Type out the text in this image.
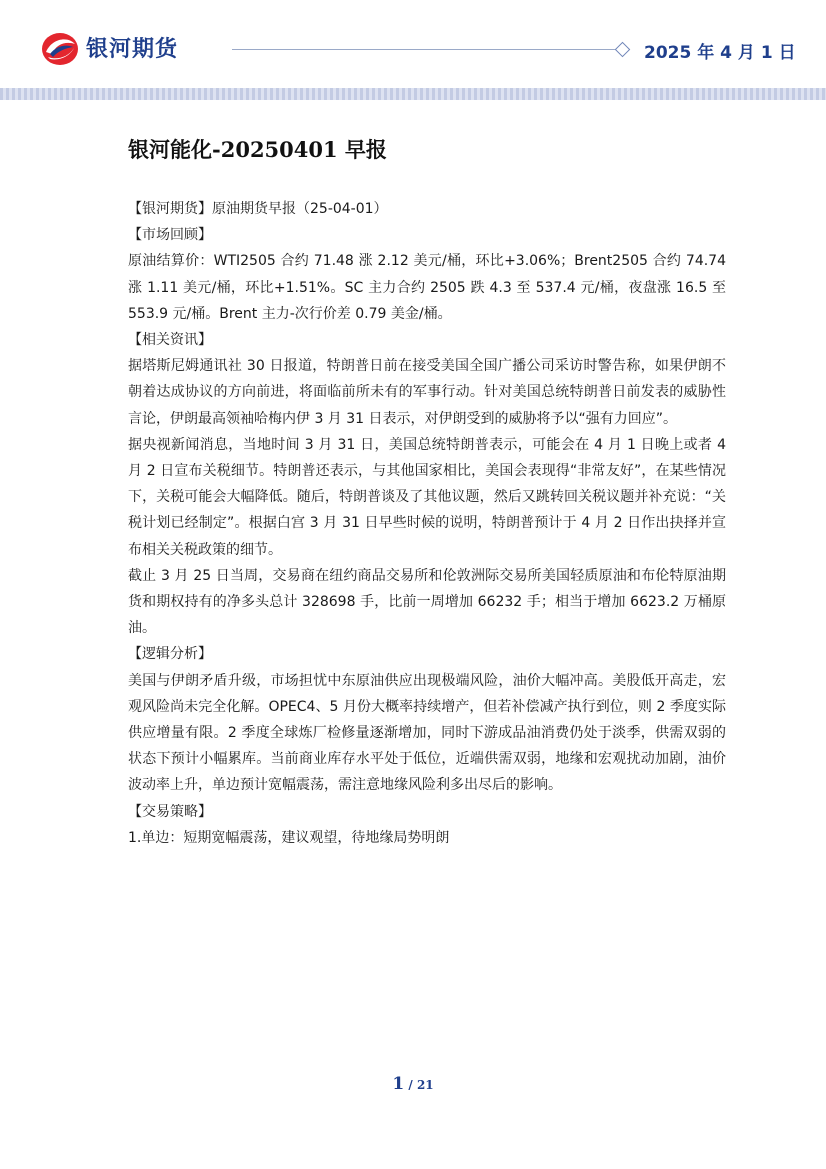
银河期货	2025 年 4 月 1 日
银河能化-20250401 早报

【银河期货】原油期货早报（25-04-01）

【市场回顾】

原油结算价：WTI2505 合约 71.48 涨 2.12 美元/桶，环比+3.06%；Brent2505 合约 74.74 涨 1.11 美元/桶，环比+1.51%。SC 主力合约 2505 跌 4.3 至 537.4 元/桶，夜盘涨 16.5 至 553.9 元/桶。Brent 主力-次行价差 0.79 美金/桶。

【相关资讯】

据塔斯尼姆通讯社 30 日报道，特朗普日前在接受美国全国广播公司采访时警告称，如果伊朗不朝着达成协议的方向前进，将面临前所未有的军事行动。针对美国总统特朗普日前发表的威胁性言论，伊朗最高领袖哈梅内伊 3 月 31 日表示，对伊朗受到的威胁将予以“强有力回应”。

据央视新闻消息，当地时间 3 月 31 日，美国总统特朗普表示，可能会在 4 月 1 日晚上或者 4 月 2 日宣布关税细节。特朗普还表示，与其他国家相比，美国会表现得“非常友好”，在某些情况下，关税可能会大幅降低。随后，特朗普谈及了其他议题，然后又跳转回关税议题并补充说：“关税计划已经制定”。根据白宫 3 月 31 日早些时候的说明，特朗普预计于 4 月 2 日作出抉择并宣布相关关税政策的细节。

截止 3 月 25 日当周，交易商在纽约商品交易所和伦敦洲际交易所美国轻质原油和布伦特原油期货和期权持有的净多头总计 328698 手，比前一周增加 66232 手；相当于增加 6623.2 万桶原油。

【逻辑分析】

美国与伊朗矛盾升级，市场担忧中东原油供应出现极端风险，油价大幅冲高。美股低开高走，宏观风险尚未完全化解。OPEC4、5 月份大概率持续增产，但若补偿减产执行到位，则 2 季度实际供应增量有限。2 季度全球炼厂检修量逐渐增加，同时下游成品油消费仍处于淡季，供需双弱的状态下预计小幅累库。当前商业库存水平处于低位，近端供需双弱，地缘和宏观扰动加剧，油价波动率上升，单边预计宽幅震荡，需注意地缘风险利多出尽后的影响。

【交易策略】

1.单边：短期宽幅震荡，建议观望，待地缘局势明朗

1 / 21
